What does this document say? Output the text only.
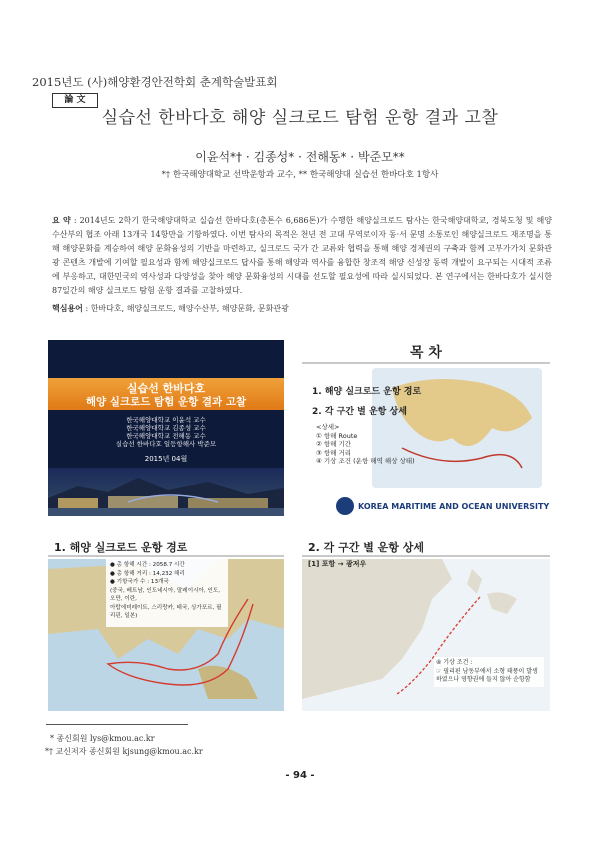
2015년도 (사)해양환경안전학회 춘계학술발표회
論 文
실습선 한바다호 해양 실크로드 탐험 운항 결과 고찰
이윤석*† · 김종성* · 전해동* · 박준모**
*† 한국해양대학교 선박운항과 교수, ** 한국해양대 실습선 한바다호 1항사
요 약 : 2014년도 2학기 한국해양대학교 실습선 한바다호(총톤수 6,686톤)가 수행한 해양실크로드 탐사는 한국해양대학교, 경북도청 및 해양수산부의 협조 아래 13개국 14항만을 기항하였다. 이번 탐사의 목적은 천년 전 고대 무역로이자 동·서 문명 소통로인 해양실크로드 재조명을 통해 해양문화를 계승하여 해양 문화융성의 기반을 마련하고, 실크로드 국가 간 교류와 협력을 통해 해양 경제권의 구축과 함께 고부가가치 문화관광 콘텐츠 개발에 기여할 필요성과 함께 해양실크로드 답사를 통해 해양과 역사를 융합한 창조적 해양 신성장 동력 개발이 요구되는 시대적 조류에 부응하고, 대한민국의 역사성과 다양성을 찾아 해양 문화융성의 시대를 선도할 필요성에 따라 실시되었다. 본 연구에서는 한바다호가 실시한 87일간의 해양 실크로드 탐험 운항 결과를 고찰하였다.
핵심용어 : 한바다호, 해양실크로드, 해양수산부, 해양문화, 문화관광
실습선 한바다호
해양 실크로드 탐험 운항 결과 고찰
한국해양대학교 이윤석 교수
한국해양대학교 김종성 교수
한국해양대학교 전해동 교수
실습선 한바다호 일등항해사 박준모
2015년 04월
목 차
1. 해양 실크로드 운항 경로
2. 각 구간 별 운항 상세
<상세>
① 항해 Route
② 항해 기간
③ 항해 거리
④ 기상 조건 (운항 해역 해상 상태)
KOREA MARITIME AND OCEAN UNIVERSITY
1. 해양 실크로드 운항 경로
● 총 항해 시간 : 2058.7 시간
● 총 항해 거리 : 14,232 해리
● 기항국가 수 : 13개국
(중국, 베트남, 인도네시아, 말레이시아, 인도, 오만, 이란,
아랍에미레이트, 스리랑카, 태국, 싱가포르, 필리핀, 일본)
2. 각 구간 별 운항 상세
[1] 포항 → 광저우
④ 기상 조건 :
☞ 필리핀 남동부에서 소형 태풍이 발생하였으나 영향권에 들지 않아 순항함
* 종신회원 lys@kmou.ac.kr
*† 교신저자 종신회원 kjsung@kmou.ac.kr
- 94 -
